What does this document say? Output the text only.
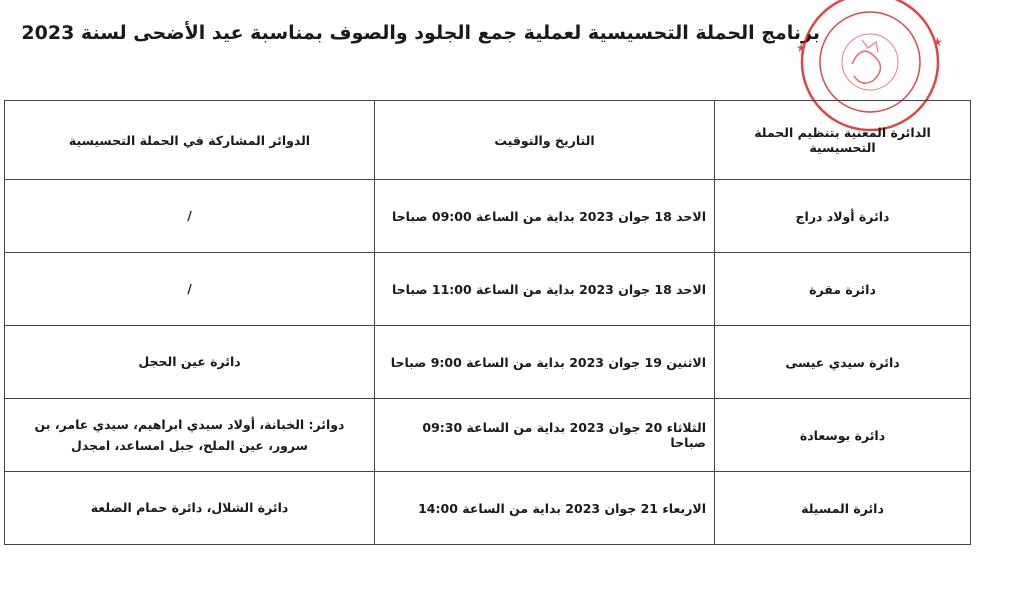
برنامج الحملة التحسيسية لعملية جمع الجلود والصوف بمناسبة عيد الأضحى لسنة 2023	★
★
الدائرة المعنية بتنظيم الحملة التحسيسية	التاريخ والتوقيت	الدوائر المشاركة في الحملة التحسيسية
دائرة أولاد دراج	الاحد 18 جوان 2023 بداية من الساعة 09:00 صباحا	/
دائرة مقرة	الاحد 18 جوان 2023 بداية من الساعة 11:00 صباحا	/
دائرة سيدي عيسى	الاثنين 19 جوان 2023 بداية من الساعة 9:00 صباحا	دائرة عين الحجل
دائرة بوسعادة	الثلاثاء 20 جوان 2023 بداية من الساعة 09:30 صباحا	دوائر: الخبانة، أولاد سيدي ابراهيم، سيدي عامر، بن سرور، عين الملح، جبل امساعد، امجدل
دائرة المسيلة	الاربعاء 21 جوان 2023 بداية من الساعة 14:00	دائرة الشلال، دائرة حمام الضلعة
